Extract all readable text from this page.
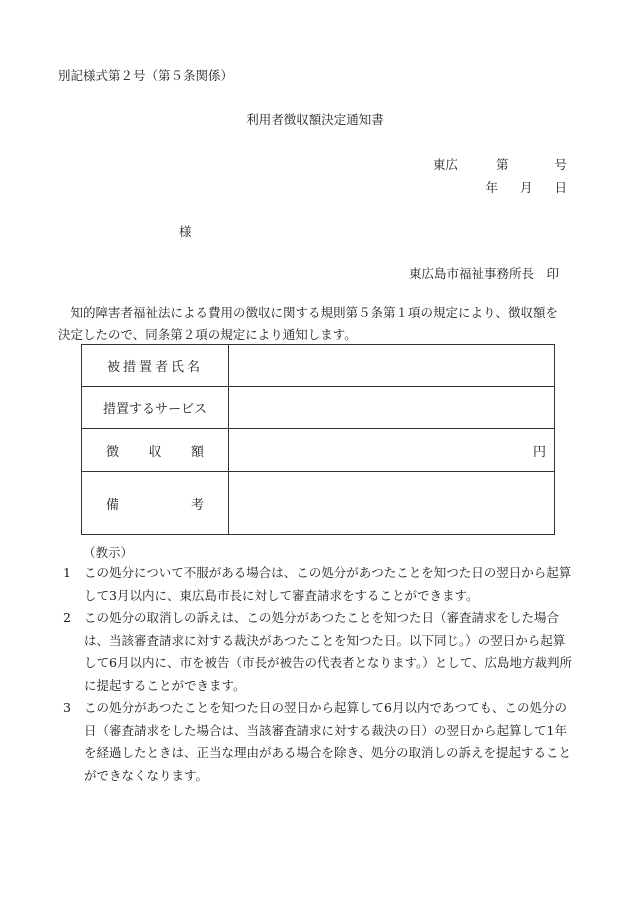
別記様式第２号（第５条関係）
利用者徴収額決定通知書
東広	第	号
年 月 日
様
東広島市福祉事務所長　印
知的障害者福祉法による費用の徴収に関する規則第５条第１項の規定により、徴収額を決定したので、同条第２項の規定により通知します。
被措置者氏名	
措置するサービス	

徴 収 額	円

備 考	

（教示）
1	この処分について不服がある場合は、この処分があつたことを知つた日の翌日から起算して3月以内に、東広島市長に対して審査請求をすることができます。
2	この処分の取消しの訴えは、この処分があつたことを知つた日（審査請求をした場合は、当該審査請求に対する裁決があつたことを知つた日。以下同じ。）の翌日から起算して6月以内に、市を被告（市長が被告の代表者となります。）として、広島地方裁判所に提起することができます。
3	この処分があつたことを知つた日の翌日から起算して6月以内であつても、この処分の日（審査請求をした場合は、当該審査請求に対する裁決の日）の翌日から起算して1年を経過したときは、正当な理由がある場合を除き、処分の取消しの訴えを提起することができなくなります。
